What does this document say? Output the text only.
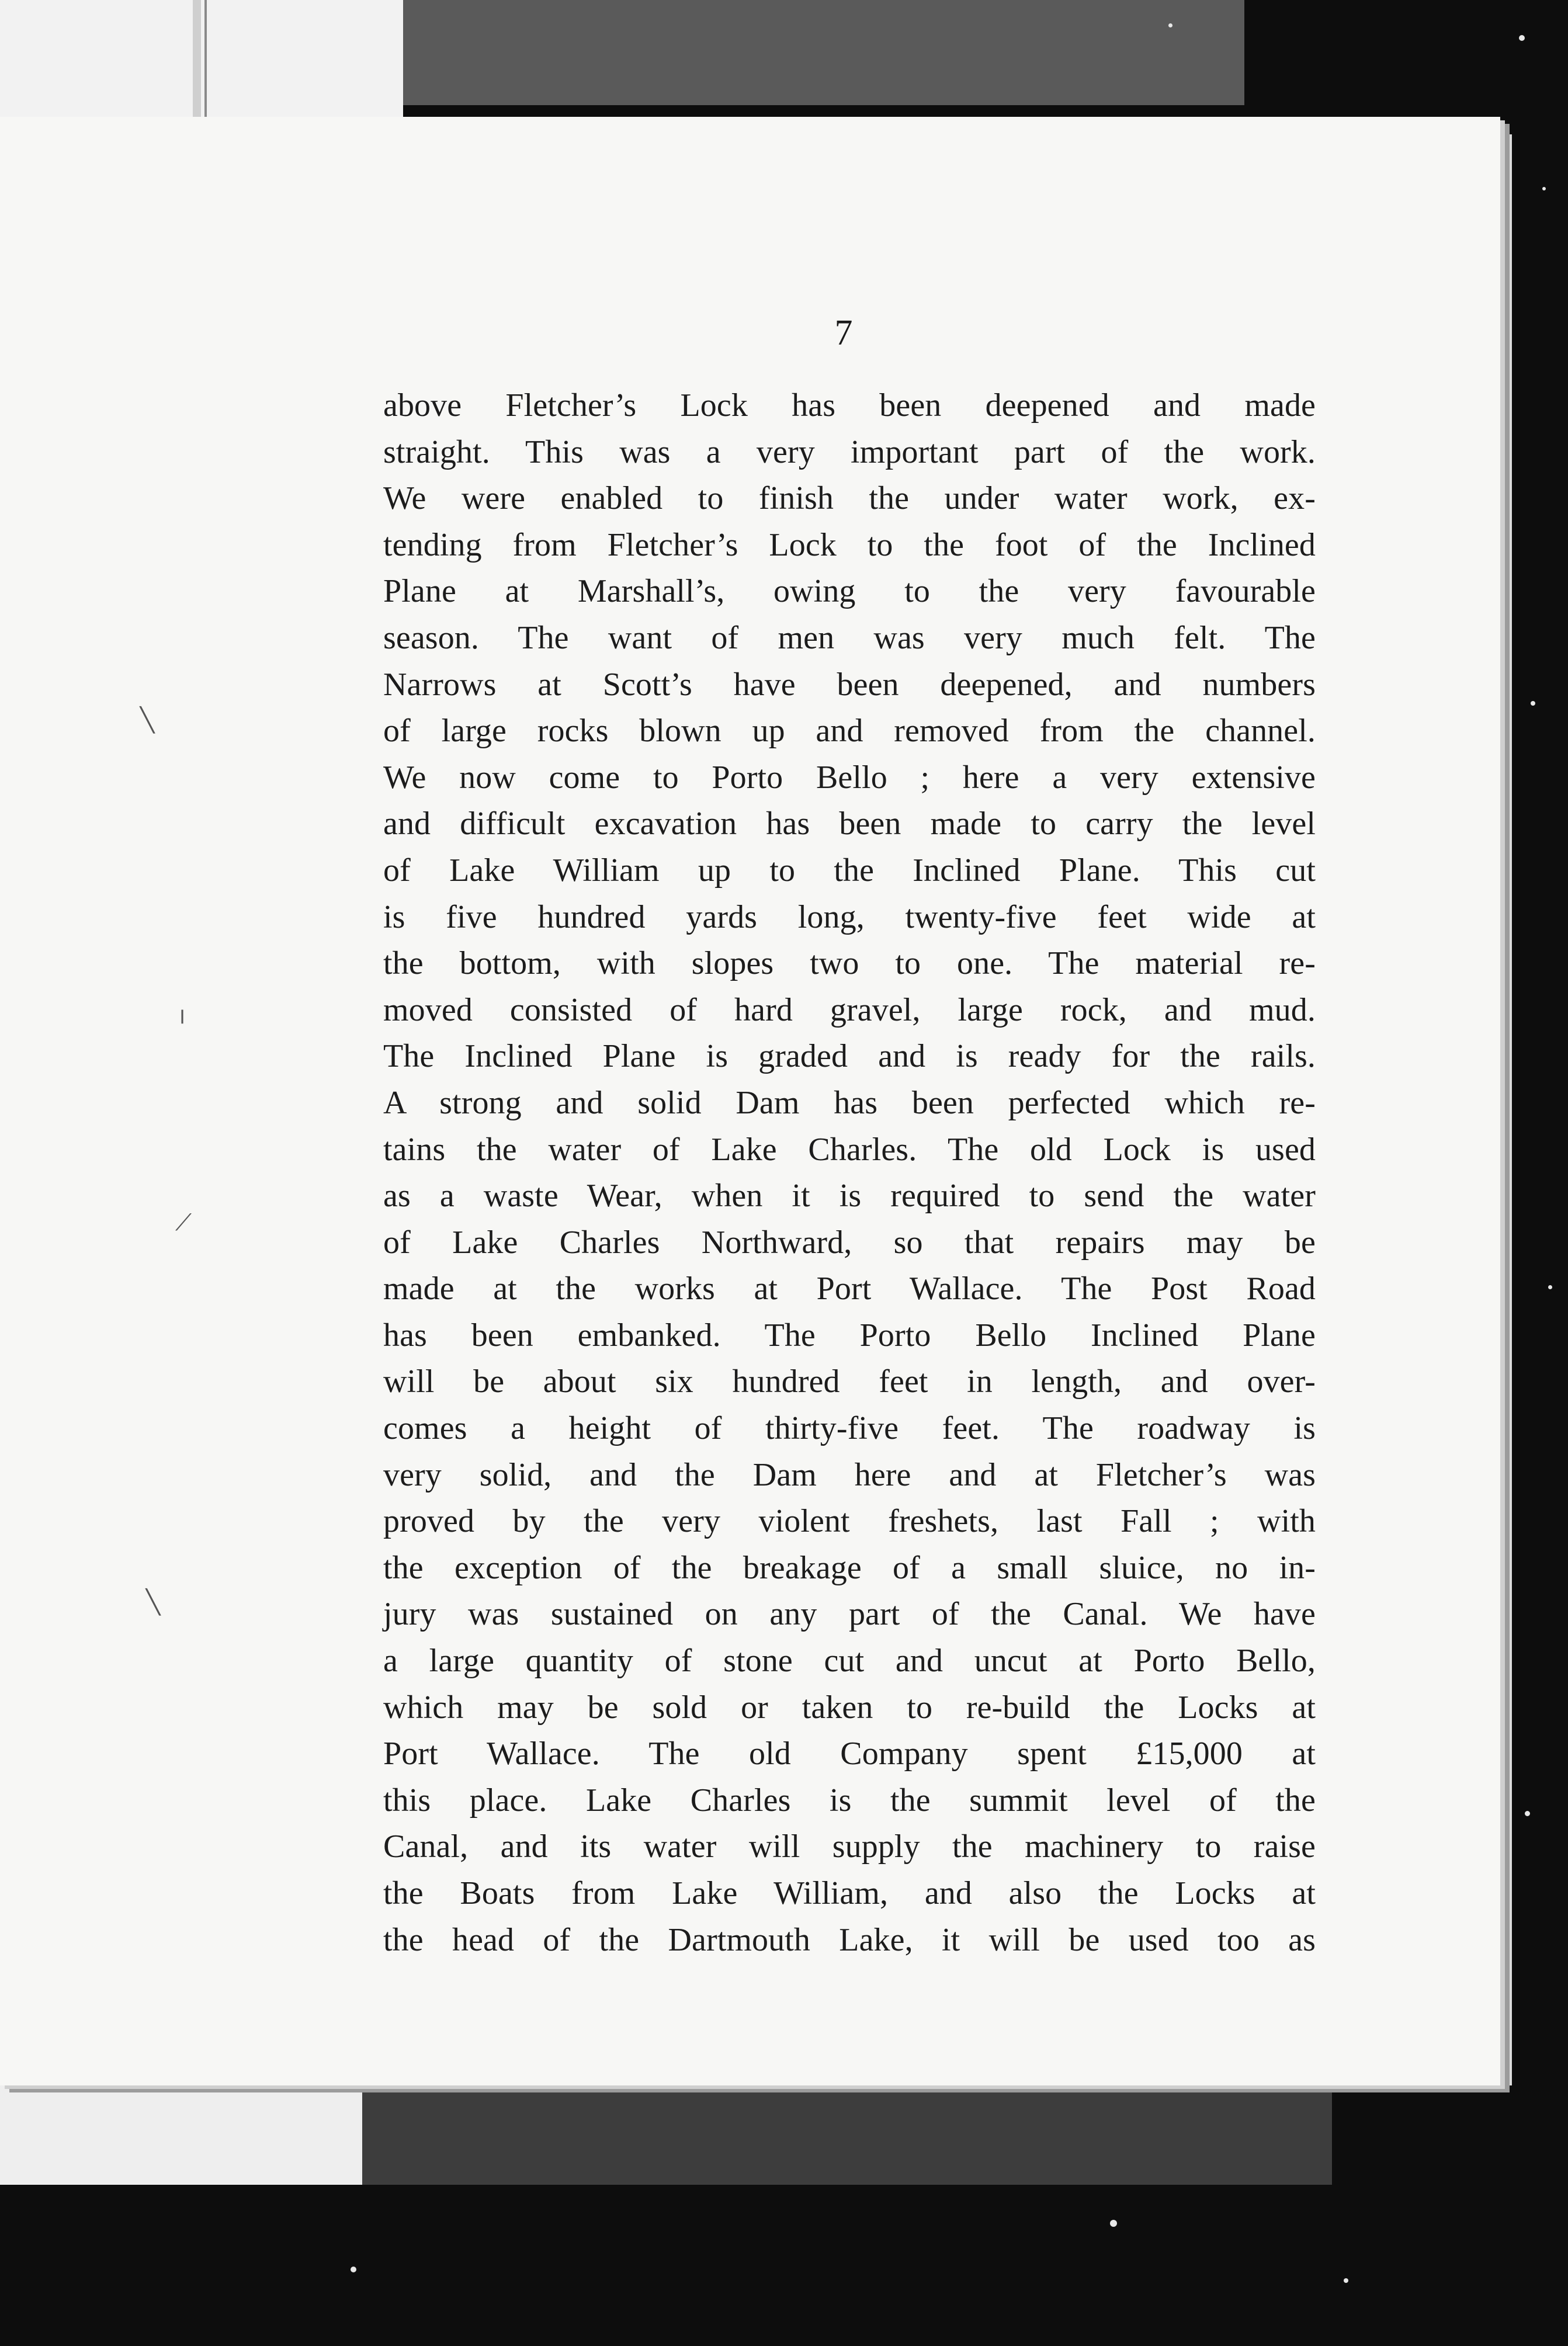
7
above Fletcher’s Lock has been deepened and made
straight. This was a very important part of the work.
We were enabled to finish the under water work, ex-
tending from Fletcher’s Lock to the foot of the Inclined
Plane at Marshall’s, owing to the very favourable
season. The want of men was very much felt. The
Narrows at Scott’s have been deepened, and numbers
of large rocks blown up and removed from the channel.
We now come to Porto Bello ; here a very extensive
and difficult excavation has been made to carry the level
of Lake William up to the Inclined Plane. This cut
is five hundred yards long, twenty-five feet wide at
the bottom, with slopes two to one. The material re-
moved consisted of hard gravel, large rock, and mud.
The Inclined Plane is graded and is ready for the rails.
A strong and solid Dam has been perfected which re-
tains the water of Lake Charles. The old Lock is used
as a waste Wear, when it is required to send the water
of Lake Charles Northward, so that repairs may be
made at the works at Port Wallace. The Post Road
has been embanked. The Porto Bello Inclined Plane
will be about six hundred feet in length, and over-
comes a height of thirty-five feet. The roadway is
very solid, and the Dam here and at Fletcher’s was
proved by the very violent freshets, last Fall ; with
the exception of the breakage of a small sluice, no in-
jury was sustained on any part of the Canal. We have
a large quantity of stone cut and uncut at Porto Bello,
which may be sold or taken to re-build the Locks at
Port Wallace. The old Company spent £15,000 at
this place. Lake Charles is the summit level of the
Canal, and its water will supply the machinery to raise
the Boats from Lake William, and also the Locks at
the head of the Dartmouth Lake, it will be used too as
╲
╵
⟋
╲
